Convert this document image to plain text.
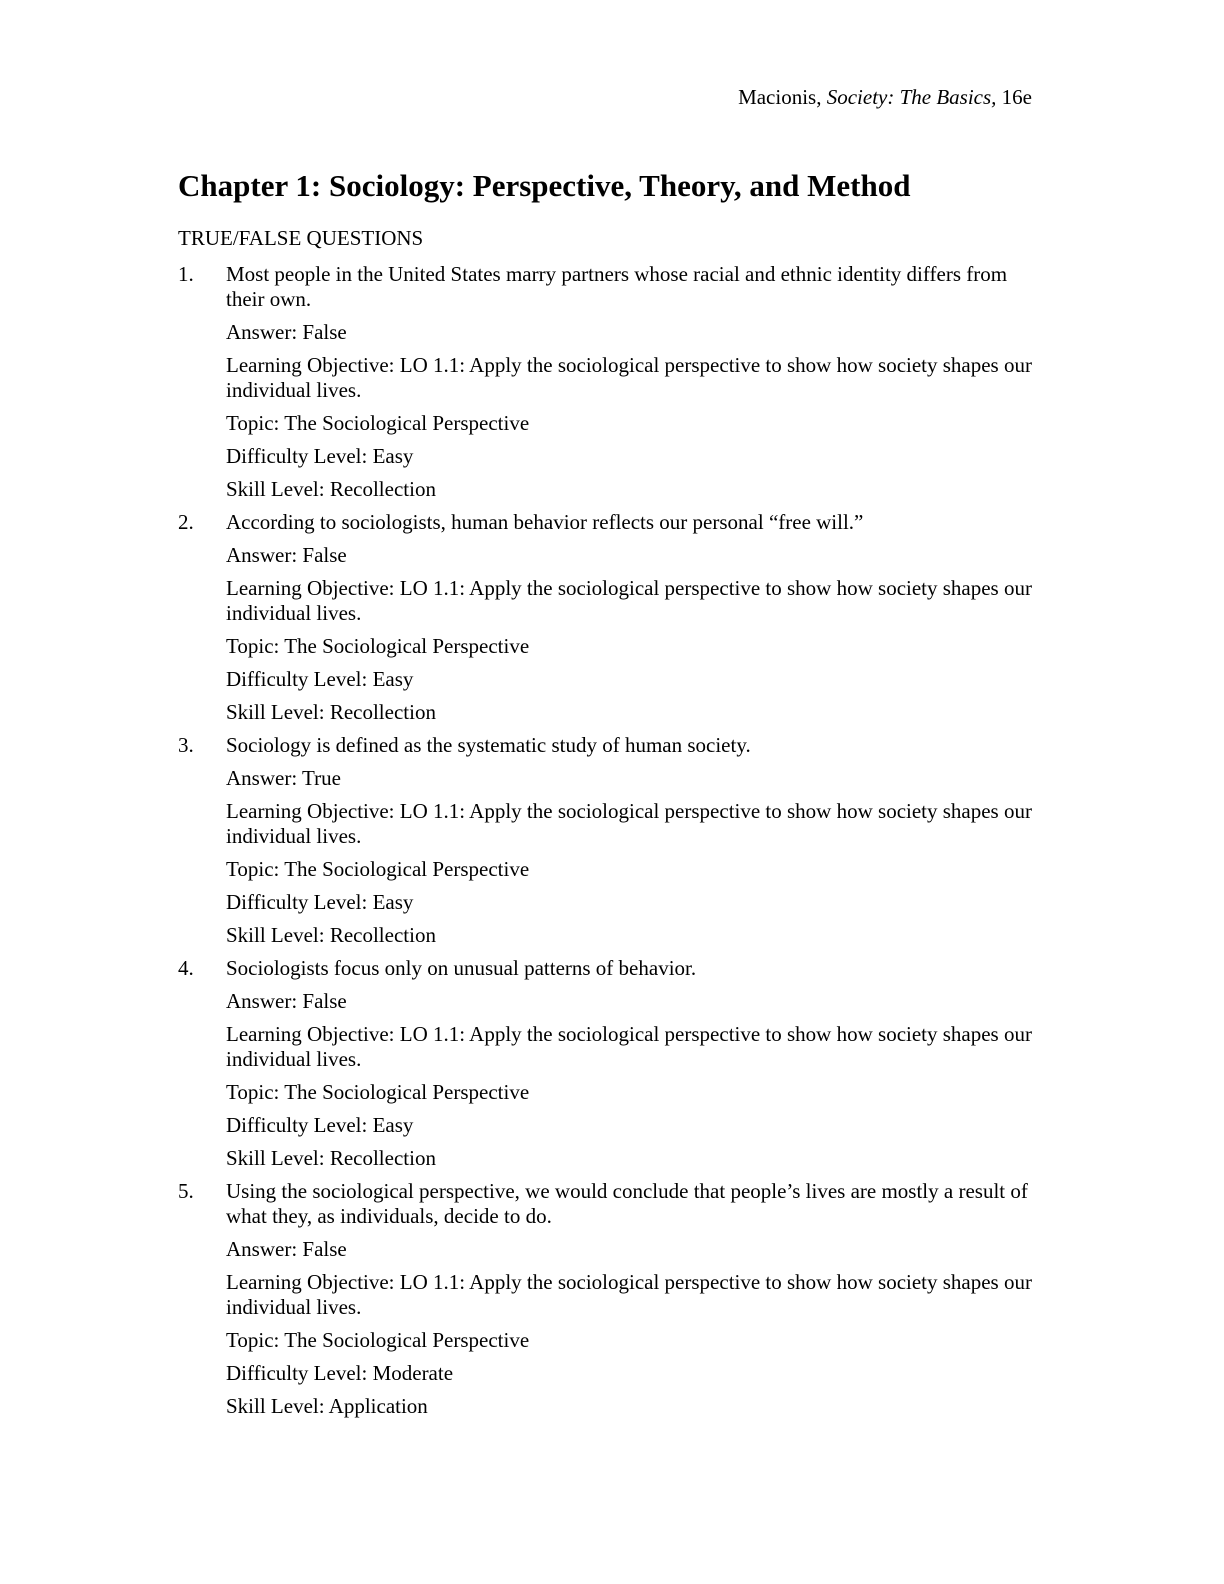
Macionis, Society: The Basics, 16e
Chapter 1: Sociology: Perspective, Theory, and Method
TRUE/FALSE QUESTIONS
1. Most people in the United States marry partners whose racial and ethnic identity differs from their own.

Answer: False

Learning Objective: LO 1.1: Apply the sociological perspective to show how society shapes our individual lives.

Topic: The Sociological Perspective

Difficulty Level: Easy

Skill Level: Recollection

2. According to sociologists, human behavior reflects our personal “free will.”

Answer: False

Learning Objective: LO 1.1: Apply the sociological perspective to show how society shapes our individual lives.

Topic: The Sociological Perspective

Difficulty Level: Easy

Skill Level: Recollection

3. Sociology is defined as the systematic study of human society.

Answer: True

Learning Objective: LO 1.1: Apply the sociological perspective to show how society shapes our individual lives.

Topic: The Sociological Perspective

Difficulty Level: Easy

Skill Level: Recollection

4. Sociologists focus only on unusual patterns of behavior.

Answer: False

Learning Objective: LO 1.1: Apply the sociological perspective to show how society shapes our individual lives.

Topic: The Sociological Perspective

Difficulty Level: Easy

Skill Level: Recollection

5. Using the sociological perspective, we would conclude that people’s lives are mostly a result of what they, as individuals, decide to do.

Answer: False

Learning Objective: LO 1.1: Apply the sociological perspective to show how society shapes our individual lives.

Topic: The Sociological Perspective

Difficulty Level: Moderate

Skill Level: Application
